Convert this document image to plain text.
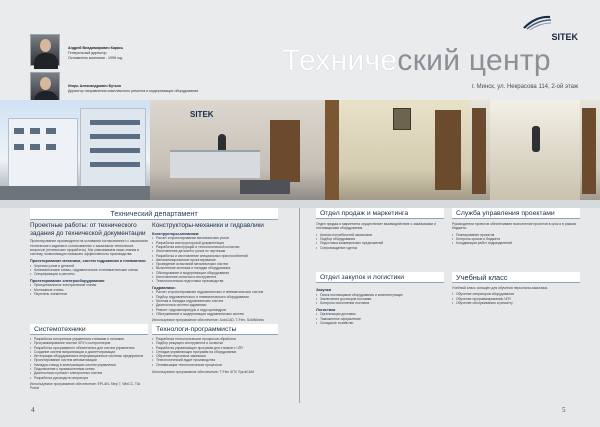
Андрей Владимирович Карась
Генеральный директор
Основатель компании - 1996 год
Игорь Александрович Бутько
Директор направления комплексного ремонта и модернизации оборудования
SITEK
Технический центр
г. Минск, ул. Некрасова 114, 2-ой этаж
SITEK
Технический департамент
Проектные работы: от технического задания до технической документации
Проектирование производится на основании согласованного с заказчиком технического задания и согласованных с заказчиком технических вопросов (технических проработок). Мы упаковываем наши знания в систему, позволяющую повышать эффективность производства.
Проектирование механики, систем гидравлики и пневматики
• Чертежи узлов и деталей
• Кинематические схемы, гидравлические и пневматические схемы
• Спецификации и расчеты
Проектирование электрооборудования
• Принципиальные электрические схемы
• Монтажные схемы
• Перечень элементов
Конструкторы-механики и гидравлики
Конструкторы-механики:
• Расчет и проектирование механических узлов
• Разработка конструкторской документации
• Разработка конструкций и технологической оснастки
• Изготовление деталей и узлов по чертежам
• Разработка и изготовление специальных приспособлений
• Автоматизированное проектирование
• Проведение испытаний механических систем
• Выполнение монтажа и наладки оборудования
• Обследование и модернизация оборудования
• Изготовление оснастки и инструмента
• Технологическая подготовка производства
Гидравлики:
• Расчет и проектирование гидравлических и пневматических систем
• Подбор гидравлического и пневматического оборудования
• Монтаж и наладка гидравлических систем
• Диагностика систем гидравлики
• Ремонт гидроаппаратуры и гидроцилиндров
• Обслуживание и модернизация гидравлических систем
Используемое программное обеспечение: AutoCAD, T-Flex, SolidWorks
Системотехники
• Разработка алгоритмов управления станками и линиями
• Программирование систем ЧПУ и контроллеров
• Разработка программного обеспечения для систем управления
• Создание систем визуализации и диспетчеризации
• Интеграция оборудования в информационные системы предприятия
• Проектирование систем автоматизации
• Наладка и ввод в эксплуатацию систем управления
• Подключение к промышленным сетям
• Диагностика и ремонт электронных систем
• Разработка руководств оператора
Используемое программное обеспечение: EPLAN, Step 7, WinCC, TIA Portal
Технологи-программисты
• Разработка технологических процессов обработки
• Подбор режущего инструмента и оснастки
• Разработка управляющих программ для станков с ЧПУ
• Отладка управляющих программ на оборудовании
• Обучение персонала заказчика
• Технологический аудит производства
• Оптимизация технологических процессов
Используемое программное обеспечение: T-Flex ЧПУ, SprutCAM
Отдел продаж и маркетинга
Отдел продаж и маркетинга осуществляет взаимодействие с заказчиками и поставщиками оборудования.
• Анализ потребностей заказчиков
• Подбор оборудования
• Подготовка коммерческих предложений
• Сопровождение сделок
Служба управления проектами
Руководители проектов обеспечивают выполнение проектов в срок и в рамках бюджета.
• Планирование проектов
• Контроль сроков и бюджета
• Координация работ подразделений
Отдел закупок и логистики
Закупки
• Поиск поставщиков оборудования и комплектующих
• Заключение договоров поставки
• Контроль исполнения поставок
Логистика
• Организация доставки
• Таможенное оформление
• Складское хозяйство
Учебный класс
Учебный класс оснащен для обучения персонала заказчика.
• Обучение операторов оборудования
• Обучение программированию ЧПУ
• Обучение обслуживанию и ремонту
4	5
